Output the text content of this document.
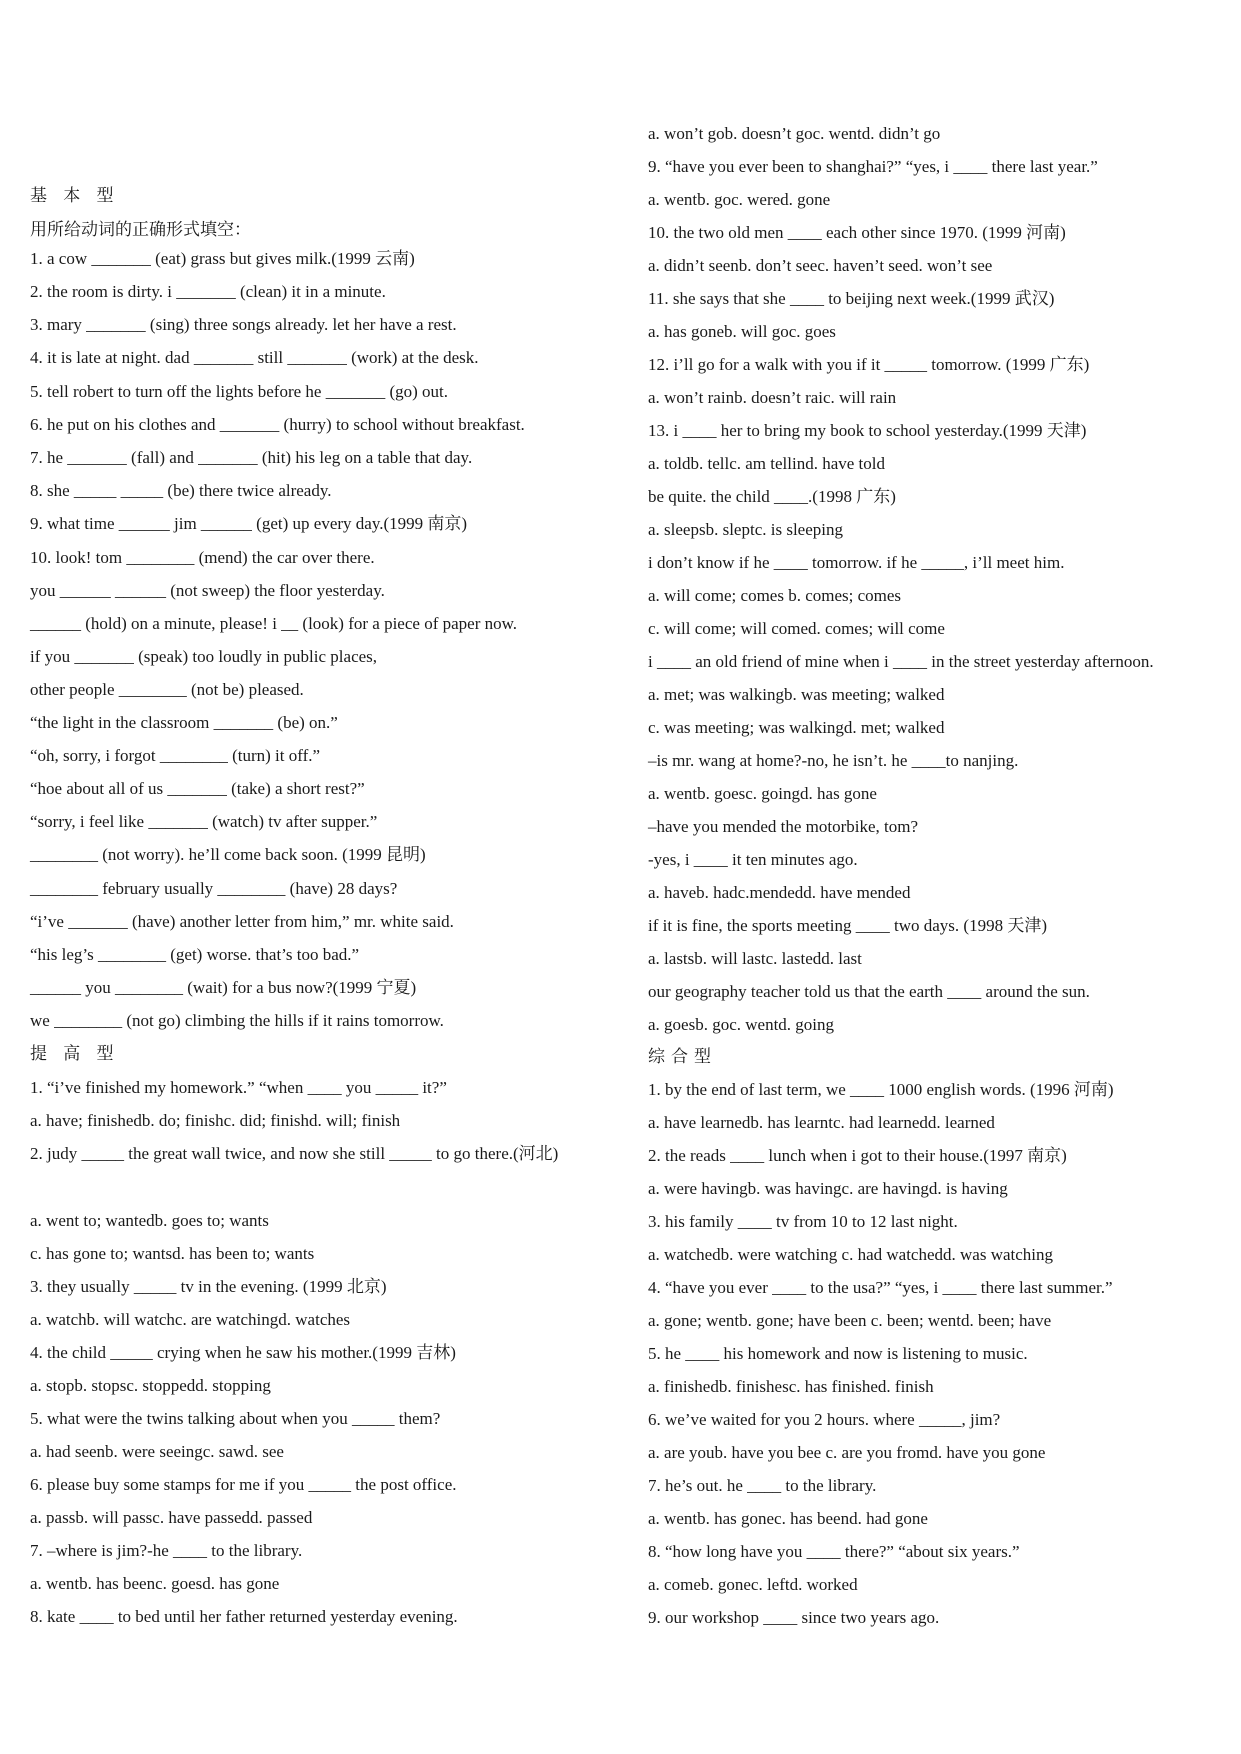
基 本 型
用所给动词的正确形式填空：
1. a cow _______ (eat) grass but gives milk.(1999 云南)
2. the room is dirty. i _______ (clean) it in a minute.
3. mary _______ (sing) three songs already. let her have a rest.
4. it is late at night. dad _______ still _______ (work) at the desk.
5. tell robert to turn off the lights before he _______ (go) out.
6. he put on his clothes and _______ (hurry) to school without breakfast.
7. he _______ (fall) and _______ (hit) his leg on a table that day.
8. she _____ _____ (be) there twice already.
9. what time ______ jim ______ (get) up every day.(1999 南京)
10. look! tom ________ (mend) the car over there.
you ______ ______ (not sweep) the floor yesterday.
______ (hold) on a minute, please! i __ (look) for a piece of paper now.
if you _______ (speak) too loudly in public places,
other people ________ (not be) pleased.
“the light in the classroom _______ (be) on.”
“oh, sorry, i forgot ________ (turn) it off.”
“hoe about all of us _______ (take) a short rest?”
“sorry, i feel like _______ (watch) tv after supper.”
________ (not worry). he’ll come back soon. (1999 昆明)
________ february usually ________ (have) 28 days?
“i’ve _______ (have) another letter from him,” mr. white said.
“his leg’s ________ (get) worse. that’s too bad.”
______ you ________ (wait) for a bus now?(1999 宁夏)
we ________ (not go) climbing the hills if it rains tomorrow.
提 高 型
1. “i’ve finished my homework.” “when ____ you _____ it?”
a. have; finishedb. do; finishc. did; finishd. will; finish
2. judy _____ the great wall twice, and now she still _____ to go there.(河北)
a. went to; wantedb. goes to; wants
c. has gone to; wantsd. has been to; wants
3. they usually _____ tv in the evening. (1999 北京)
a. watchb. will watchc. are watchingd. watches
4. the child _____ crying when he saw his mother.(1999 吉林)
a. stopb. stopsc. stoppedd. stopping
5. what were the twins talking about when you _____ them?
a. had seenb. were seeingc. sawd. see
6. please buy some stamps for me if you _____ the post office.
a. passb. will passc. have passedd. passed
7. –where is jim?-he ____ to the library.
a. wentb. has beenc. goesd. has gone
8. kate ____ to bed until her father returned yesterday evening.
a. won’t gob. doesn’t goc. wentd. didn’t go
9. “have you ever been to shanghai?” “yes, i ____ there last year.”
a. wentb. goc. wered. gone
10. the two old men ____ each other since 1970. (1999 河南)
a. didn’t seenb. don’t seec. haven’t seed. won’t see
11. she says that she ____ to beijing next week.(1999 武汉)
a. has goneb. will goc. goes
12. i’ll go for a walk with you if it _____ tomorrow. (1999 广东)
a. won’t rainb. doesn’t raic. will rain
13. i ____ her to bring my book to school yesterday.(1999 天津)
a. toldb. tellc. am tellind. have told
be quite. the child ____.(1998 广东)
a. sleepsb. sleptc. is sleeping
i don’t know if he ____ tomorrow. if he _____, i’ll meet him.
a. will come; comes b. comes; comes
c. will come; will comed. comes; will come
i ____ an old friend of mine when i ____ in the street yesterday afternoon.
a. met; was walkingb. was meeting; walked
c. was meeting; was walkingd. met; walked
–is mr. wang at home?-no, he isn’t. he ____to nanjing.
a. wentb. goesc. goingd. has gone
–have you mended the motorbike, tom?
-yes, i ____ it ten minutes ago.
a. haveb. hadc.mendedd. have mended
if it is fine, the sports meeting ____ two days. (1998 天津)
a. lastsb. will lastc. lastedd. last
our geography teacher told us that the earth ____ around the sun.
a. goesb. goc. wentd. going
综合型
1. by the end of last term, we ____ 1000 english words. (1996 河南)
a. have learnedb. has learntc. had learnedd. learned
2. the reads ____ lunch when i got to their house.(1997 南京)
a. were havingb. was havingc. are havingd. is having
3. his family ____ tv from 10 to 12 last night.
a. watchedb. were watching c. had watchedd. was watching
4. “have you ever ____ to the usa?” “yes, i ____ there last summer.”
a. gone; wentb. gone; have been c. been; wentd. been; have
5. he ____ his homework and now is listening to music.
a. finishedb. finishesc. has finished. finish
6. we’ve waited for you 2 hours. where _____, jim?
a. are youb. have you bee c. are you fromd. have you gone
7. he’s out. he ____ to the library.
a. wentb. has gonec. has beend. had gone
8. “how long have you ____ there?” “about six years.”
a. comeb. gonec. leftd. worked
9. our workshop ____ since two years ago.
